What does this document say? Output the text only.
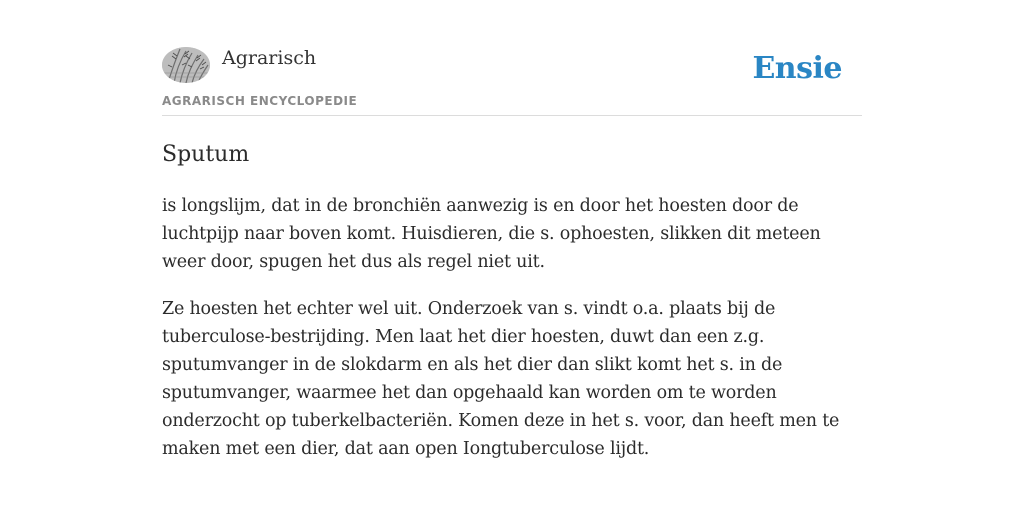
Agrarisch
AGRARISCH ENCYCLOPEDIE
Ensie
Sputum

is longslijm, dat in de bronchiën aanwezig is en door het hoesten door de luchtpijp naar boven komt. Huisdieren, die s. ophoesten, slikken dit meteen weer door, spugen het dus als regel niet uit.

Ze hoesten het echter wel uit. Onderzoek van s. vindt o.a. plaats bij de tuberculose-bestrijding. Men laat het dier hoesten, duwt dan een z.g. sputumvanger in de slokdarm en als het dier dan slikt komt het s. in de sputumvanger, waarmee het dan opgehaald kan worden om te worden onderzocht op tuberkelbacteriën. Komen deze in het s. voor, dan heeft men te maken met een dier, dat aan open Iongtuberculose lijdt.
